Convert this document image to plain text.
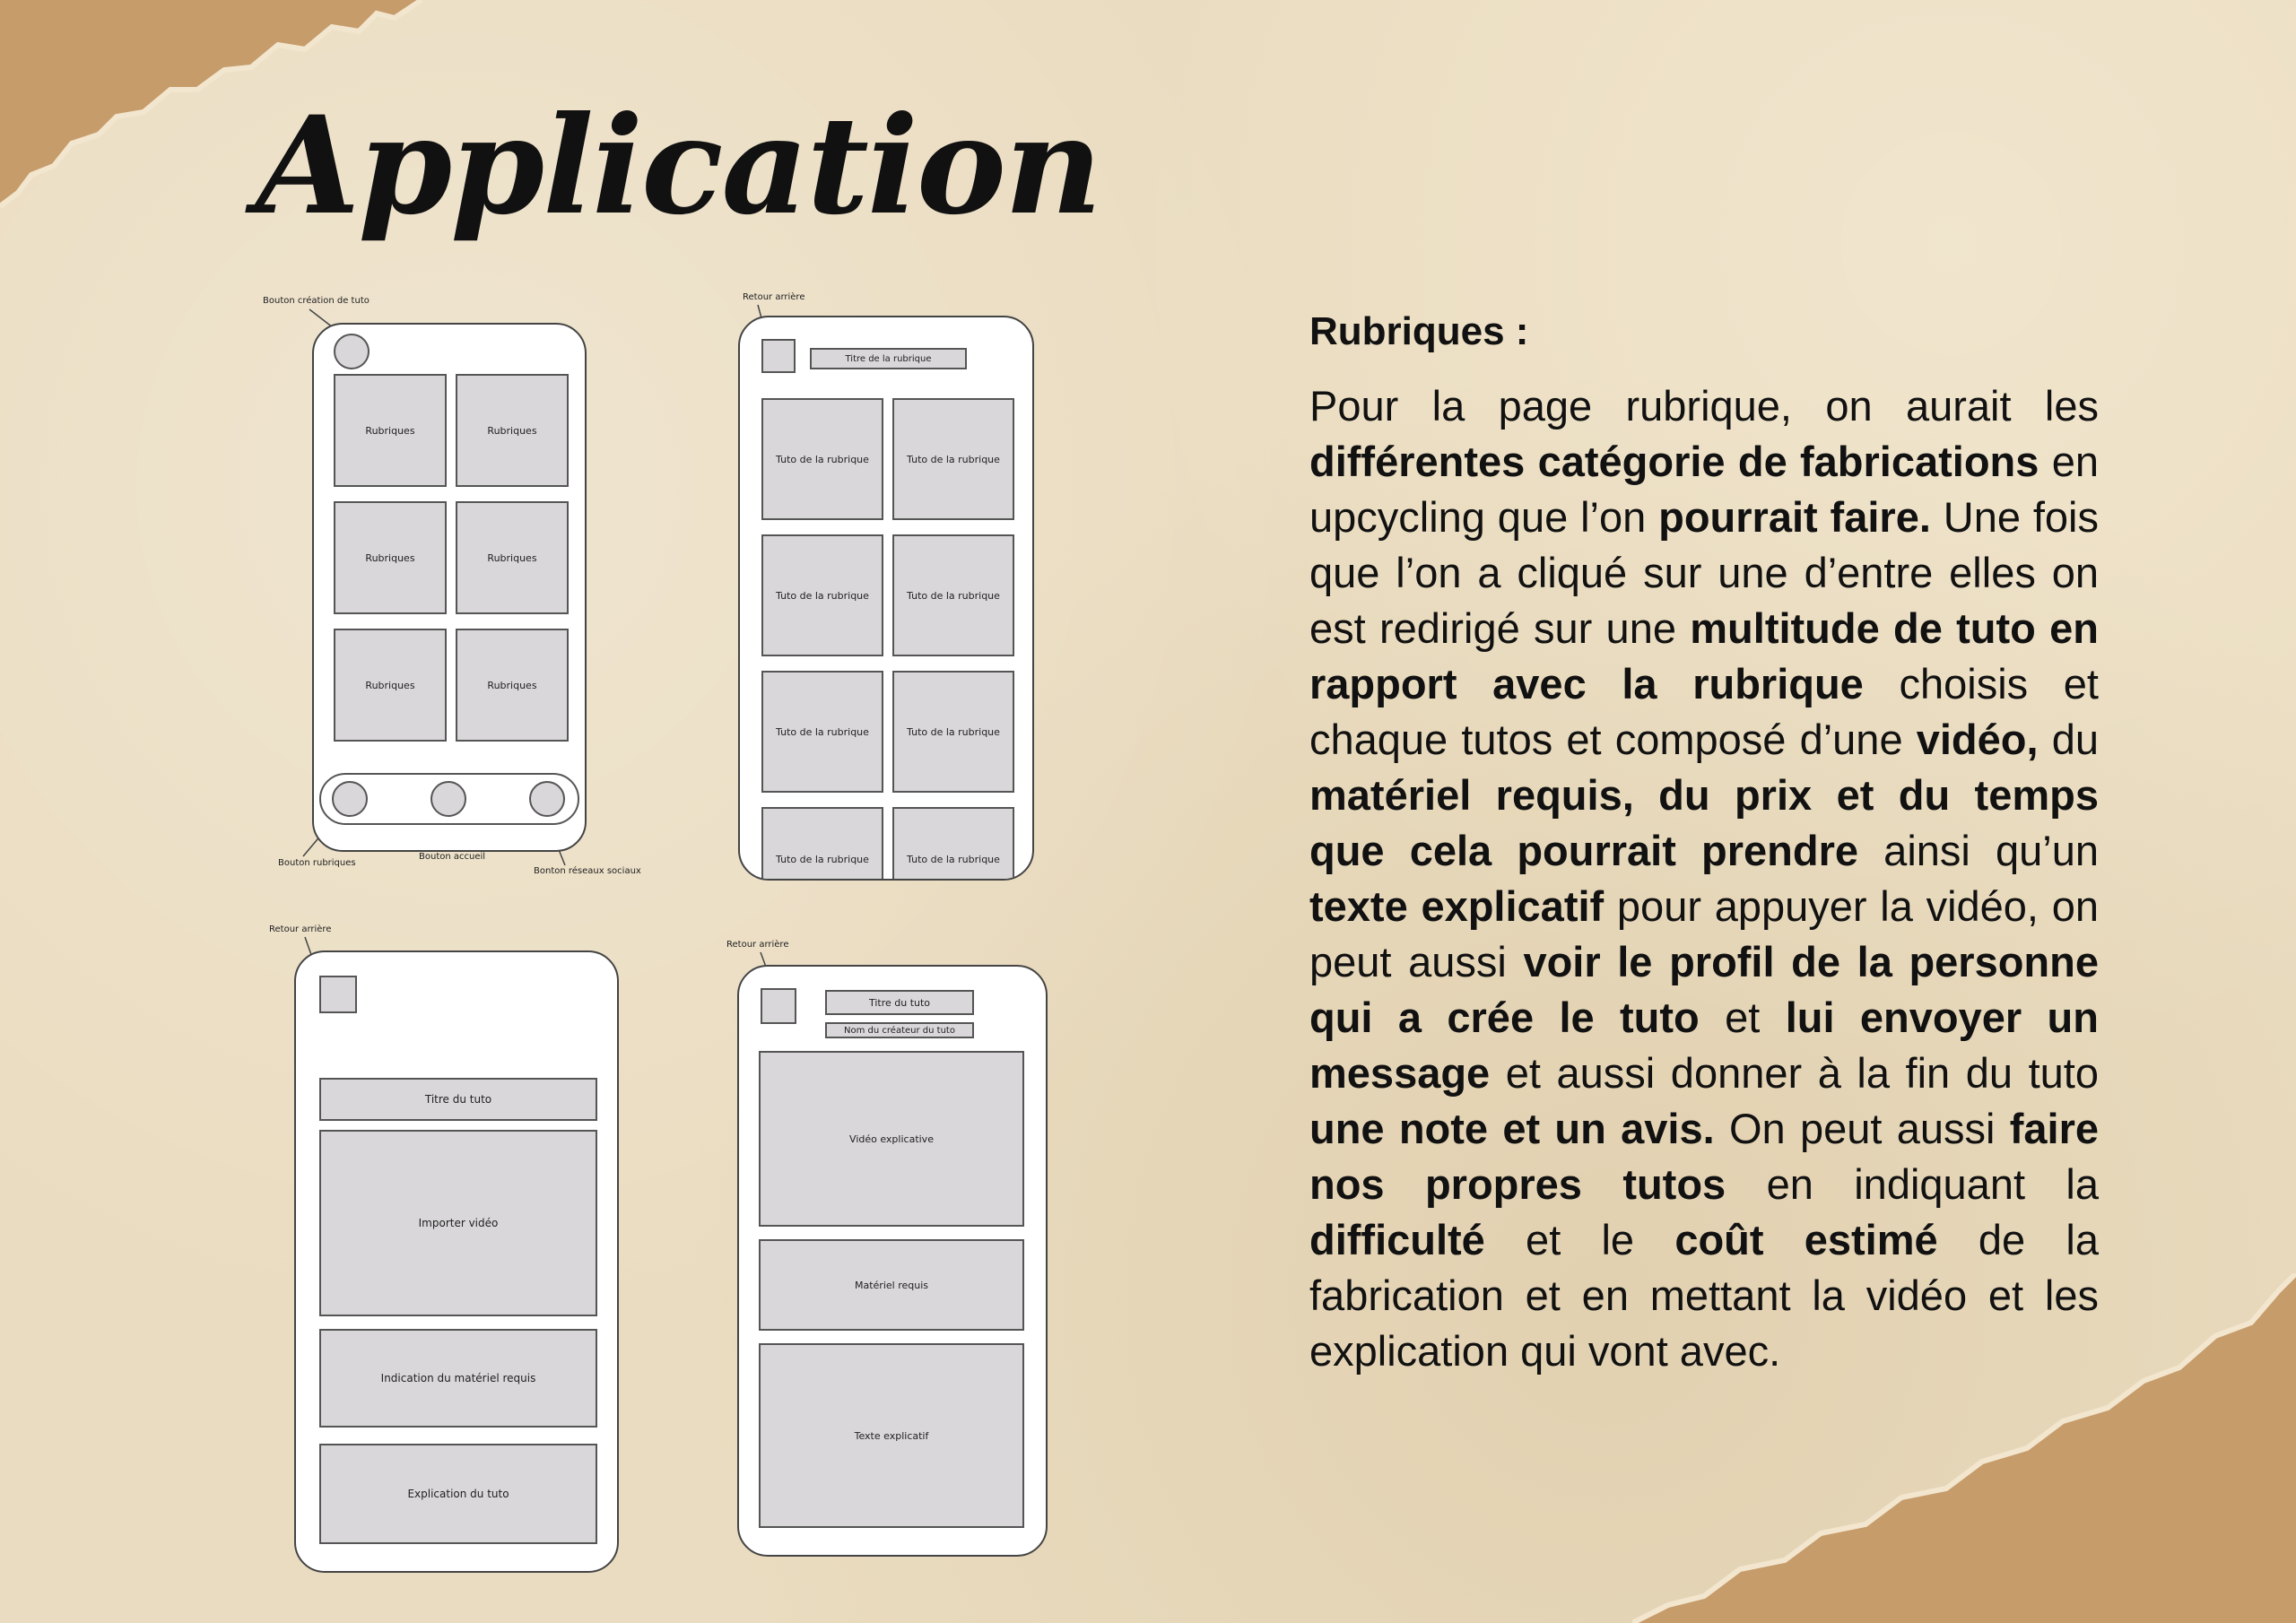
Application
Bouton création de tuto
Rubriques	Rubriques
Rubriques	Rubriques
Rubriques	Rubriques
Bouton rubriques
Bouton accueil
Bonton réseaux sociaux
Retour arrière
Titre de la rubrique
Tuto de la rubrique	Tuto de la rubrique
Tuto de la rubrique	Tuto de la rubrique
Tuto de la rubrique	Tuto de la rubrique
Tuto de la rubrique	Tuto de la rubrique
Retour arrière
Titre du tuto
Importer vidéo
Indication du matériel requis
Explication du tuto
Retour arrière
Titre du tuto
Nom du créateur du tuto
Vidéo explicative
Matériel requis
Texte explicatif
Rubriques :

Pour la page rubrique, on aurait les différentes catégorie de fabrications en upcycling que l’on pourrait faire. Une fois que l’on a cliqué sur une d’entre elles on est redirigé sur une multitude de tuto en rapport avec la rubrique choisis et chaque tutos et composé d’une vidéo, du matériel requis, du prix et du temps que cela pourrait prendre ainsi qu’un texte explicatif pour appuyer la vidéo, on peut aussi voir le profil de la personne qui a crée le tuto et lui envoyer un message et aussi donner à la fin du tuto une note et un avis. On peut aussi faire nos propres tutos en indiquant la difficulté et le coût estimé de la fabrication et en mettant la vidéo et les explication qui vont avec.
